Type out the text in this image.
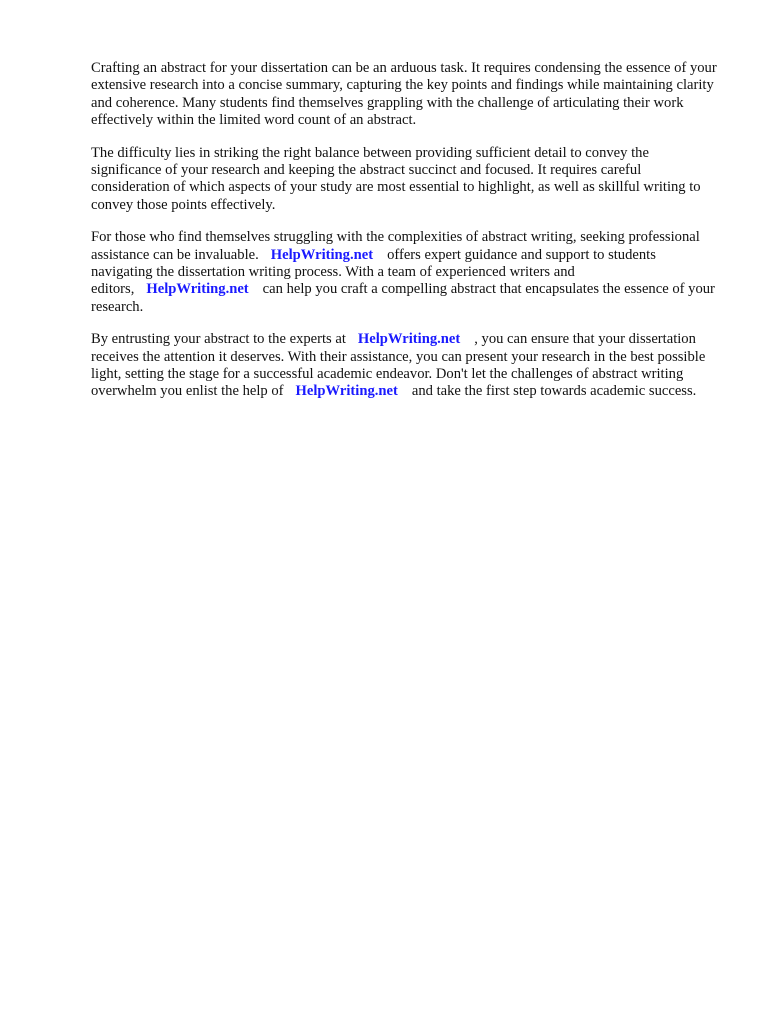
Crafting an abstract for your dissertation can be an arduous task. It requires condensing the essence of your extensive research into a concise summary, capturing the key points and findings while maintaining clarity and coherence. Many students find themselves grappling with the challenge of articulating their work effectively within the limited word count of an abstract.

The difficulty lies in striking the right balance between providing sufficient detail to convey the significance of your research and keeping the abstract succinct and focused. It requires careful consideration of which aspects of your study are most essential to highlight, as well as skillful writing to convey those points effectively.

For those who find themselves struggling with the complexities of abstract writing, seeking professional assistance can be invaluable. HelpWriting.net offers expert guidance and support to students navigating the dissertation writing process. With a team of experienced writers and editors, HelpWriting.net can help you craft a compelling abstract that encapsulates the essence of your research.

By entrusting your abstract to the experts at HelpWriting.net , you can ensure that your dissertation receives the attention it deserves. With their assistance, you can present your research in the best possible light, setting the stage for a successful academic endeavor. Don't let the challenges of abstract writing overwhelm you enlist the help of HelpWriting.net and take the first step towards academic success.
